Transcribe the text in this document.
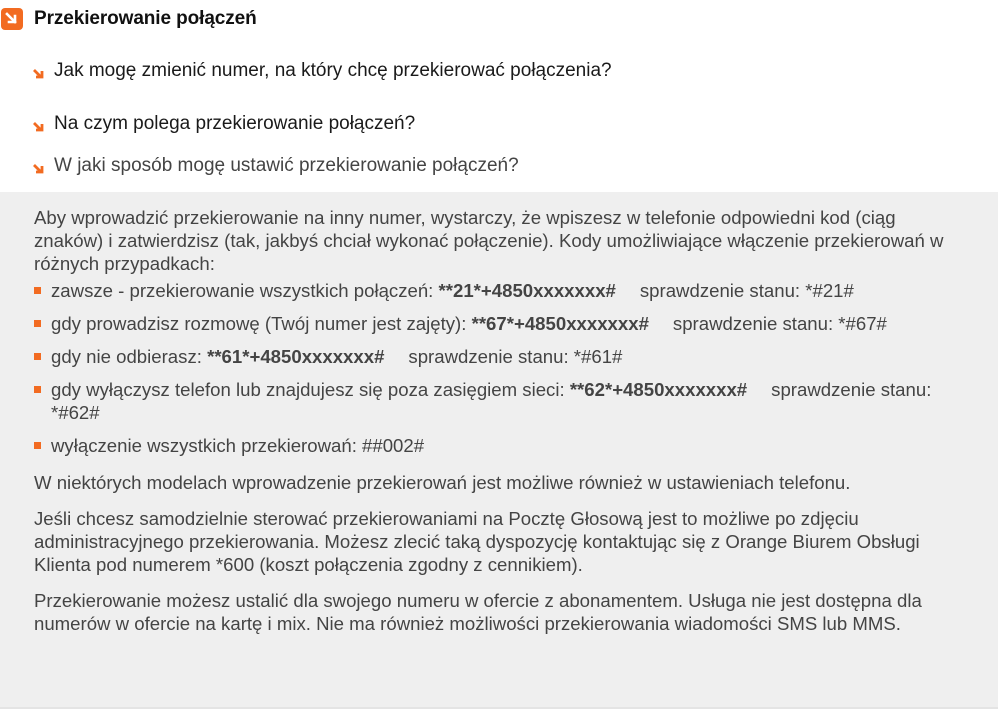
Przekierowanie połączeń
Jak mogę zmienić numer, na który chcę przekierować połączenia?
Na czym polega przekierowanie połączeń?
W jaki sposób mogę ustawić przekierowanie połączeń?

Aby wprowadzić przekierowanie na inny numer, wystarczy, że wpiszesz w telefonie odpowiedni kod (ciąg znaków) i zatwierdzisz (tak, jakbyś chciał wykonać połączenie). Kody umożliwiające włączenie przekierowań w różnych przypadkach:

zawsze - przekierowanie wszystkich połączeń: **21*+4850xxxxxxx# sprawdzenie stanu: *#21#
gdy prowadzisz rozmowę (Twój numer jest zajęty): **67*+4850xxxxxxx# sprawdzenie stanu: *#67#
gdy nie odbierasz: **61*+4850xxxxxxx# sprawdzenie stanu: *#61#
gdy wyłączysz telefon lub znajdujesz się poza zasięgiem sieci: **62*+4850xxxxxxx# sprawdzenie stanu: *#62#
wyłączenie wszystkich przekierowań: ##002#

W niektórych modelach wprowadzenie przekierowań jest możliwe również w ustawieniach telefonu.

Jeśli chcesz samodzielnie sterować przekierowaniami na Pocztę Głosową jest to możliwe po zdjęciu administracyjnego przekierowania. Możesz zlecić taką dyspozycję kontaktując się z Orange Biurem Obsługi Klienta pod numerem *600 (koszt połączenia zgodny z cennikiem).

Przekierowanie możesz ustalić dla swojego numeru w ofercie z abonamentem. Usługa nie jest dostępna dla numerów w ofercie na kartę i mix. Nie ma również możliwości przekierowania wiadomości SMS lub MMS.
